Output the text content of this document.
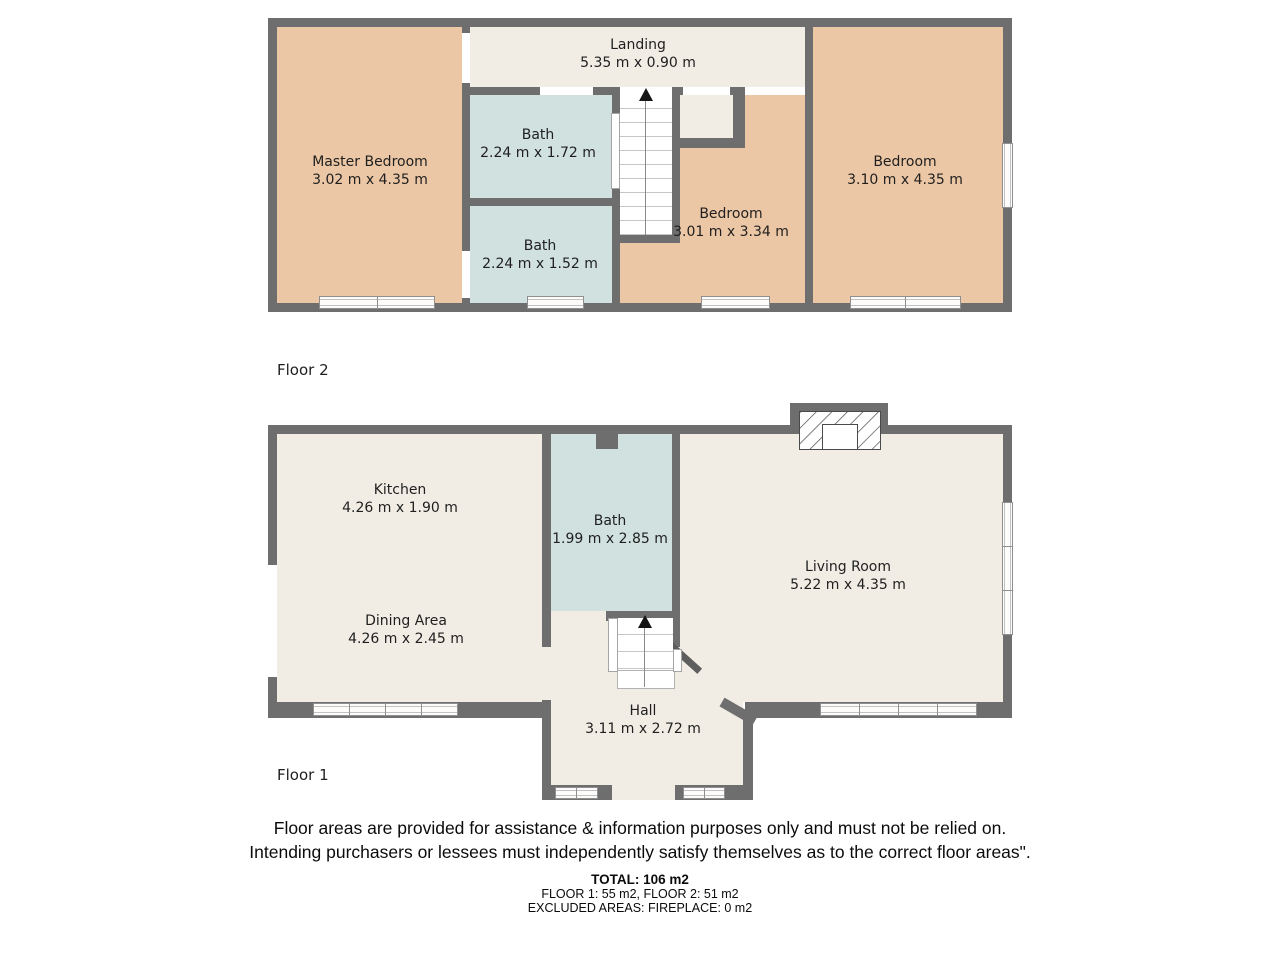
Master Bedroom
3.02 m x 4.35 m
Landing
5.35 m x 0.90 m
Bath
2.24 m x 1.72 m
Bath
2.24 m x 1.52 m
Bedroom
3.01 m x 3.34 m
Bedroom
3.10 m x 4.35 m
Floor 2
Kitchen
4.26 m x 1.90 m
Dining Area
4.26 m x 2.45 m
Bath
1.99 m x 2.85 m
Living Room
5.22 m x 4.35 m
Hall
3.11 m x 2.72 m
Floor 1
Floor areas are provided for assistance & information purposes only and must not be relied on.
Intending purchasers or lessees must independently satisfy themselves as to the correct floor areas".
TOTAL: 106 m2
FLOOR 1: 55 m2, FLOOR 2: 51 m2
EXCLUDED AREAS: FIREPLACE: 0 m2
